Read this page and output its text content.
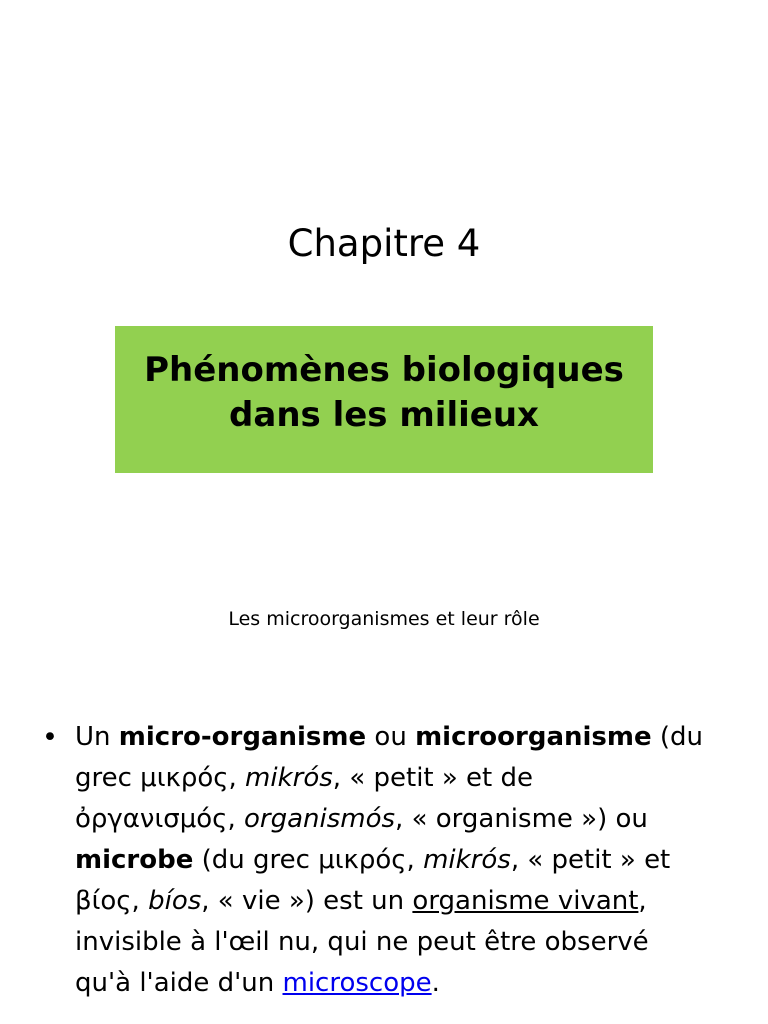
Chapitre 4
Phénomènes biologiques
dans les milieux
Les microorganismes et leur rôle
• Un micro-organisme ou microorganisme (du
grec μικρός, mikrós, « petit » et de
ὀργανισμός, organismós, « organisme ») ou
microbe (du grec μικρός, mikrós, « petit » et
βίος, bíos, « vie ») est un organisme vivant,
invisible à l'œil nu, qui ne peut être observé
qu'à l'aide d'un microscope.
